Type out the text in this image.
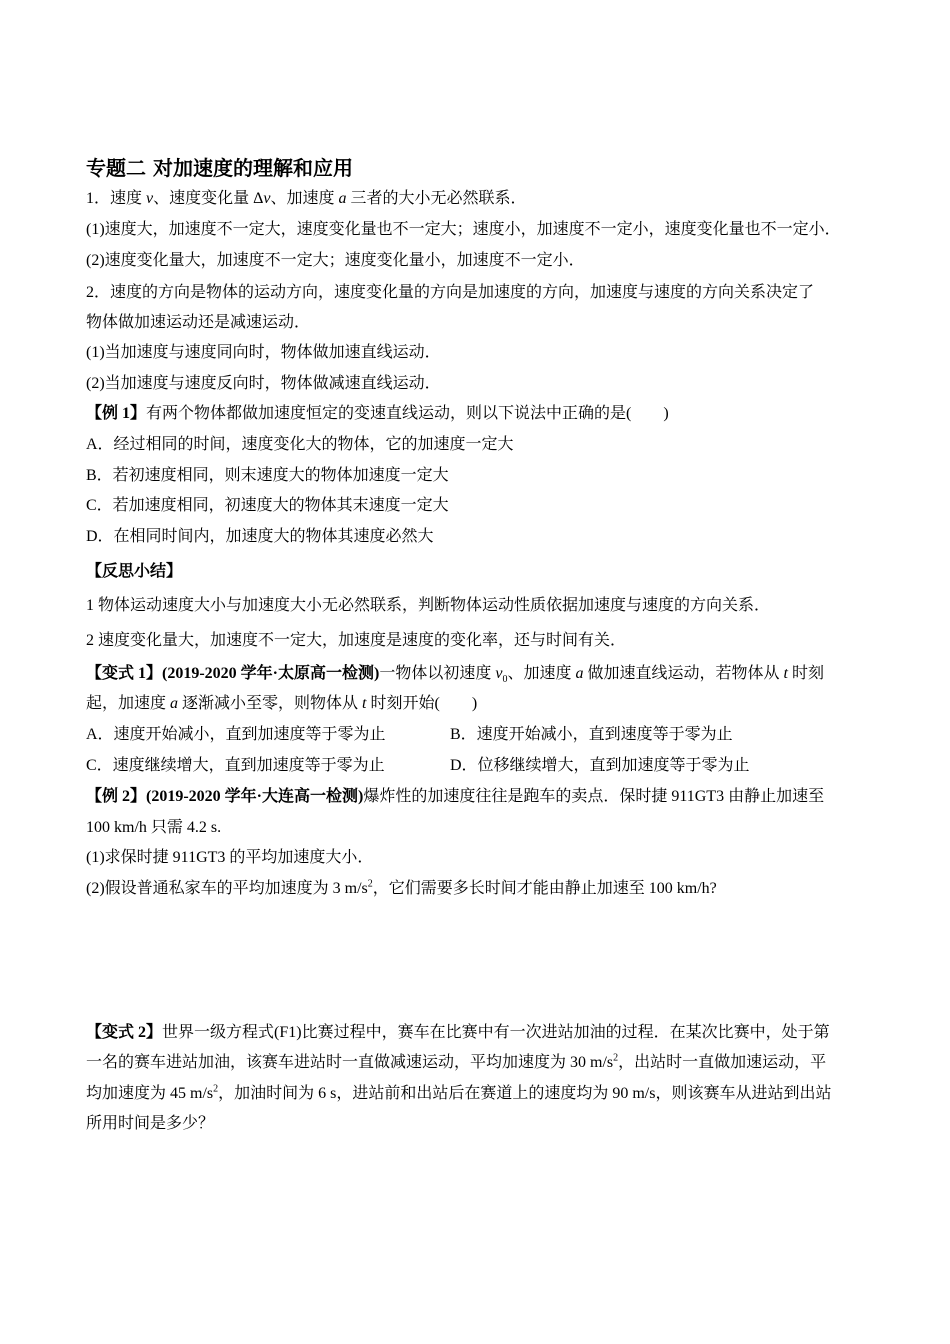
专题二 对加速度的理解和应用
1．速度 v、速度变化量 Δv、加速度 a 三者的大小无必然联系．
(1)速度大，加速度不一定大，速度变化量也不一定大；速度小，加速度不一定小，速度变化量也不一定小．
(2)速度变化量大，加速度不一定大；速度变化量小，加速度不一定小．
2．速度的方向是物体的运动方向，速度变化量的方向是加速度的方向，加速度与速度的方向关系决定了
物体做加速运动还是减速运动．
(1)当加速度与速度同向时，物体做加速直线运动．
(2)当加速度与速度反向时，物体做减速直线运动．
【例 1】有两个物体都做加速度恒定的变速直线运动，则以下说法中正确的是(　　)
A．经过相同的时间，速度变化大的物体，它的加速度一定大
B．若初速度相同，则末速度大的物体加速度一定大
C．若加速度相同，初速度大的物体其末速度一定大
D．在相同时间内，加速度大的物体其速度必然大
【反思小结】
1 物体运动速度大小与加速度大小无必然联系，判断物体运动性质依据加速度与速度的方向关系．
2 速度变化量大，加速度不一定大，加速度是速度的变化率，还与时间有关．
【变式 1】(2019-2020 学年·太原高一检测)一物体以初速度 $v_0$、加速度 a 做加速直线运动，若物体从 t 时刻
起，加速度 a 逐渐减小至零，则物体从 t 时刻开始(　　)
A．速度开始减小，直到加速度等于零为止	B．速度开始减小，直到速度等于零为止
C．速度继续增大，直到加速度等于零为止	D．位移继续增大，直到加速度等于零为止
【例 2】(2019-2020 学年·大连高一检测)爆炸性的加速度往往是跑车的卖点．保时捷 911GT3 由静止加速至
100 km/h 只需 4.2 s.
(1)求保时捷 911GT3 的平均加速度大小．
(2)假设普通私家车的平均加速度为 3 $m/s^2$，它们需要多长时间才能由静止加速至 100 km/h?
【变式 2】世界一级方程式(F1)比赛过程中，赛车在比赛中有一次进站加油的过程．在某次比赛中，处于第
一名的赛车进站加油，该赛车进站时一直做减速运动，平均加速度为 30 $m/s^2$，出站时一直做加速运动，平
均加速度为 45 $m/s^2$，加油时间为 6 s，进站前和出站后在赛道上的速度均为 90 m/s，则该赛车从进站到出站
所用时间是多少？
